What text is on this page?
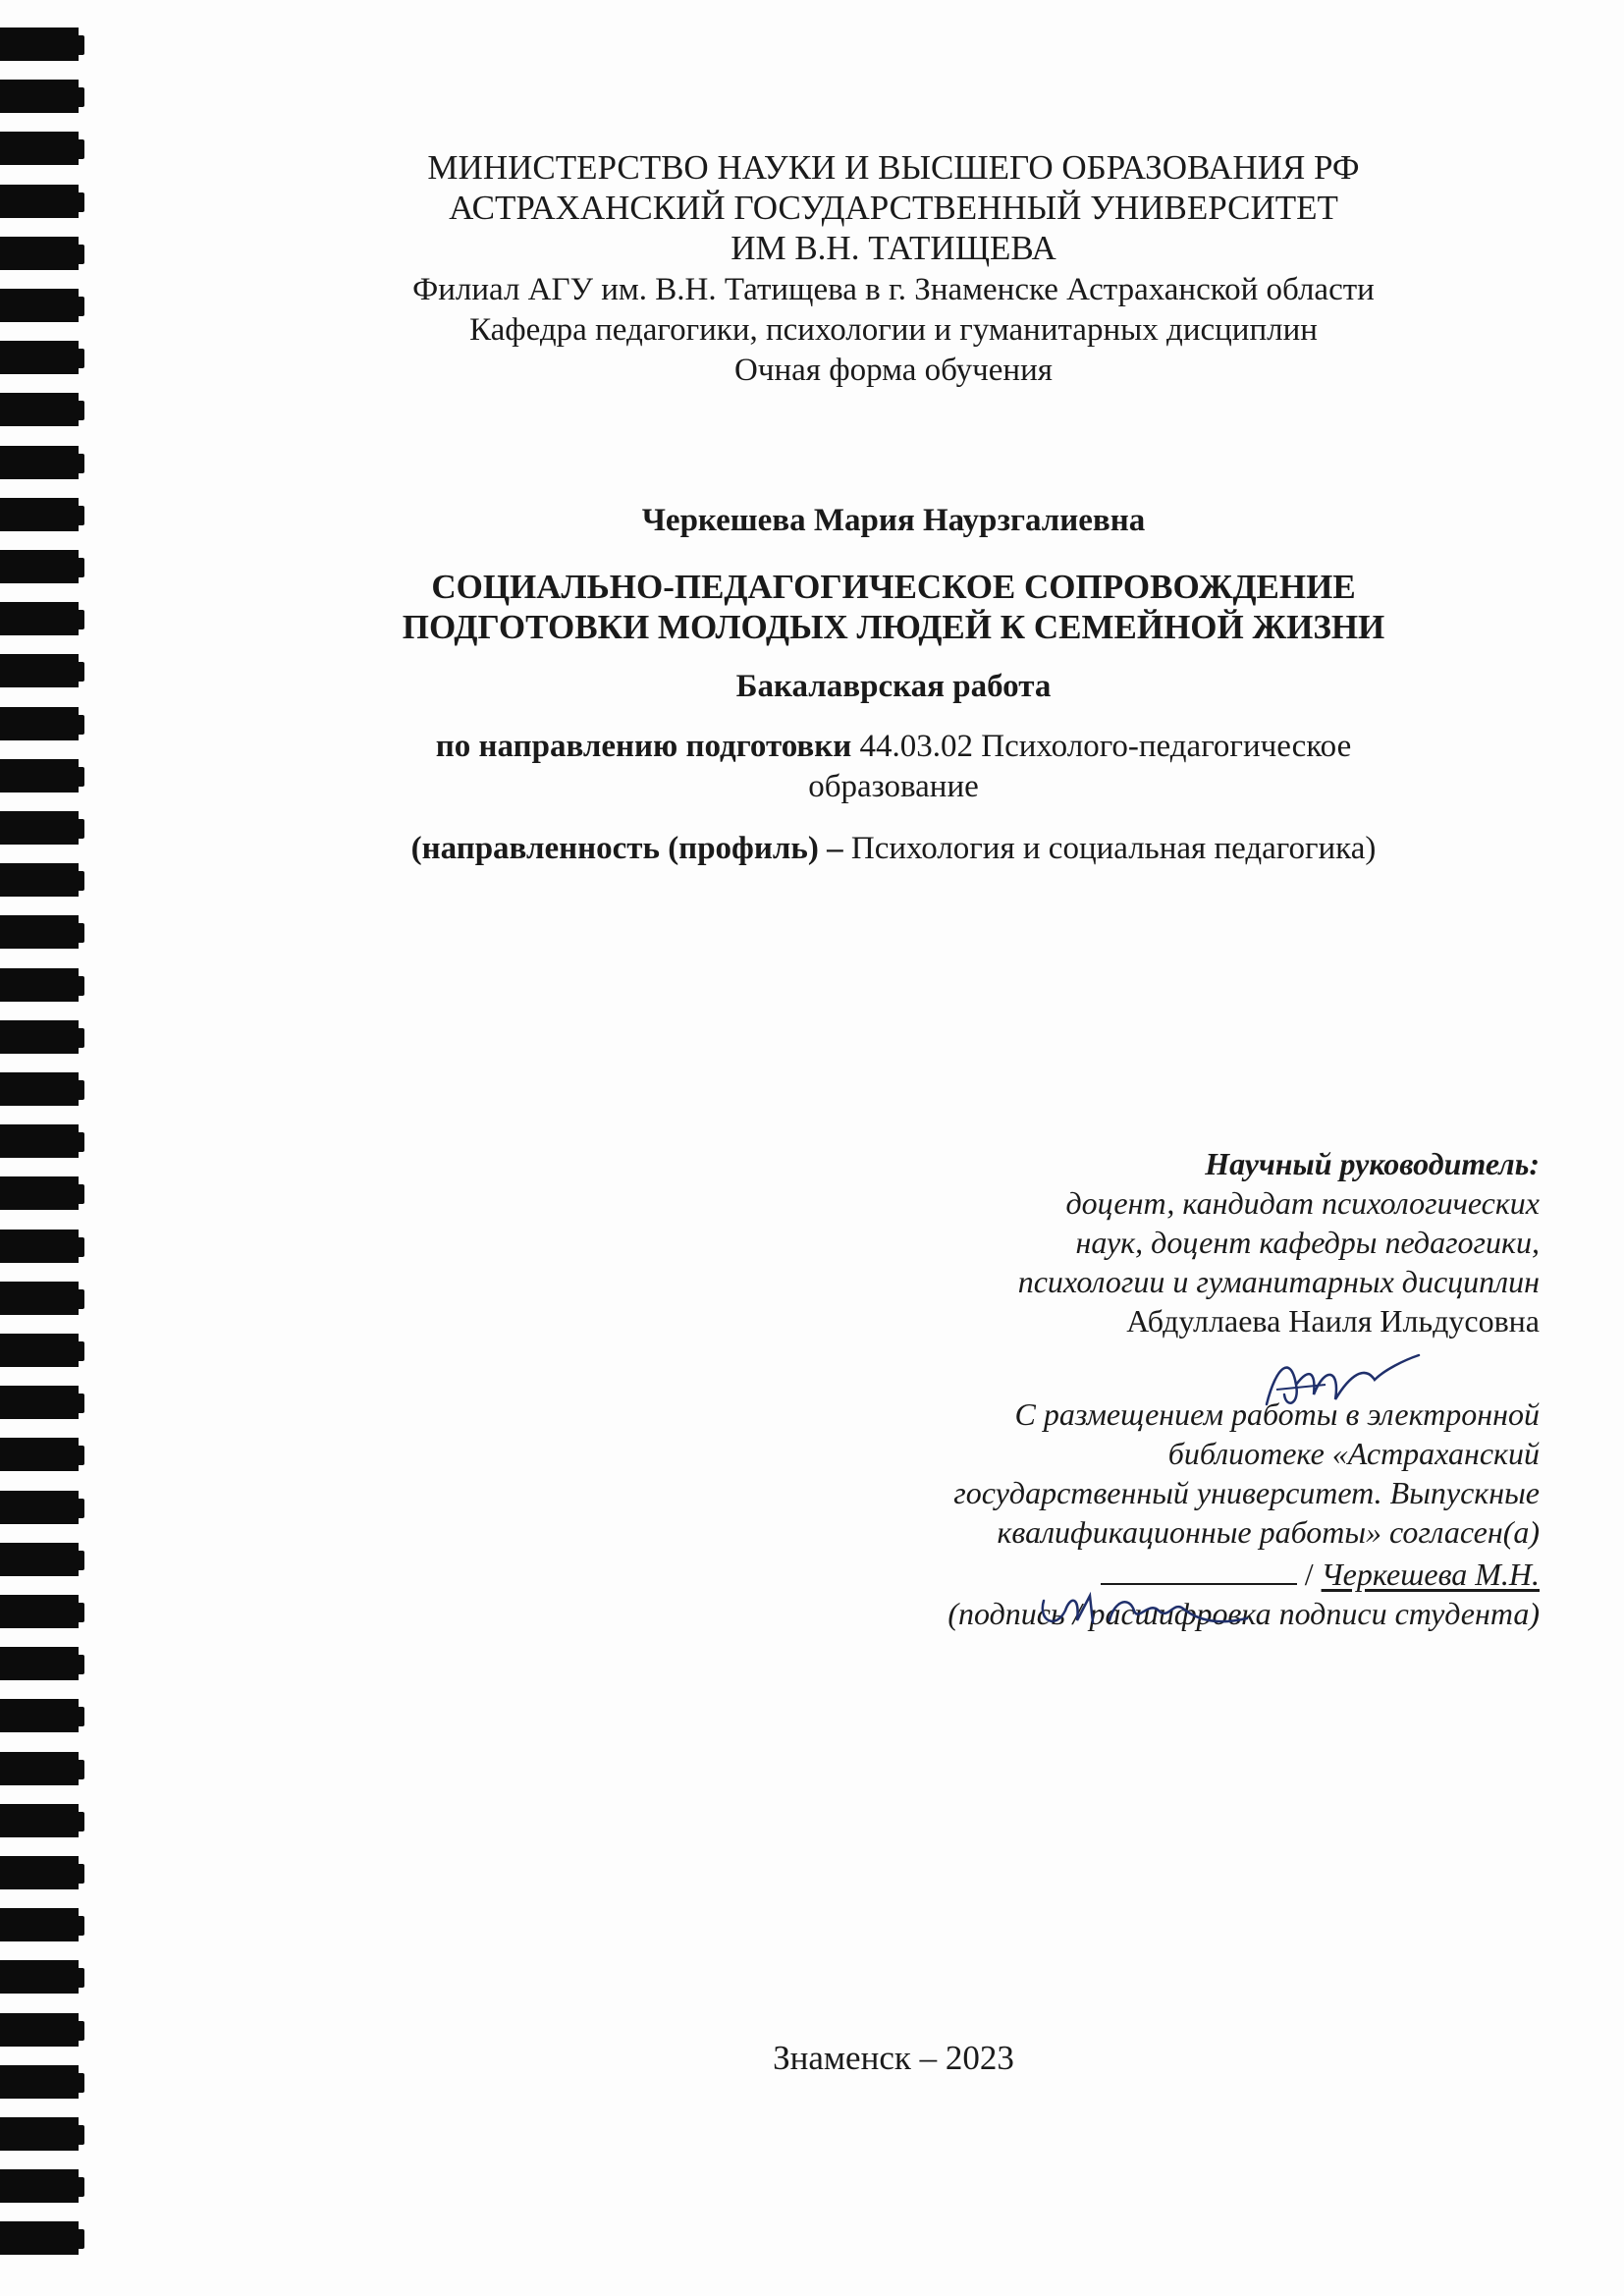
МИНИСТЕРСТВО НАУКИ И ВЫСШЕГО ОБРАЗОВАНИЯ РФ
АСТРАХАНСКИЙ ГОСУДАРСТВЕННЫЙ УНИВЕРСИТЕТ
ИМ В.Н. ТАТИЩЕВА
Филиал АГУ им. В.Н. Татищева в г. Знаменске Астраханской области
Кафедра педагогики, психологии и гуманитарных дисциплин
Очная форма обучения
Черкешева Мария Наурзгалиевна
СОЦИАЛЬНО-ПЕДАГОГИЧЕСКОЕ СОПРОВОЖДЕНИЕ
ПОДГОТОВКИ МОЛОДЫХ ЛЮДЕЙ К СЕМЕЙНОЙ ЖИЗНИ
Бакалаврская работа
по направлению подготовки 44.03.02 Психолого-педагогическое
образование
(направленность (профиль) – Психология и социальная педагогика)
Научный руководитель:
доцент, кандидат психологических
наук, доцент кафедры педагогики,
психологии и гуманитарных дисциплин
Абдуллаева Наиля Ильдусовна
С размещением работы в электронной
библиотеке «Астраханский
государственный университет. Выпускные
квалификационные работы» согласен(а)
/ Черкешева М.Н.
(подпись / расшифровка подписи студента)
Знаменск – 2023
